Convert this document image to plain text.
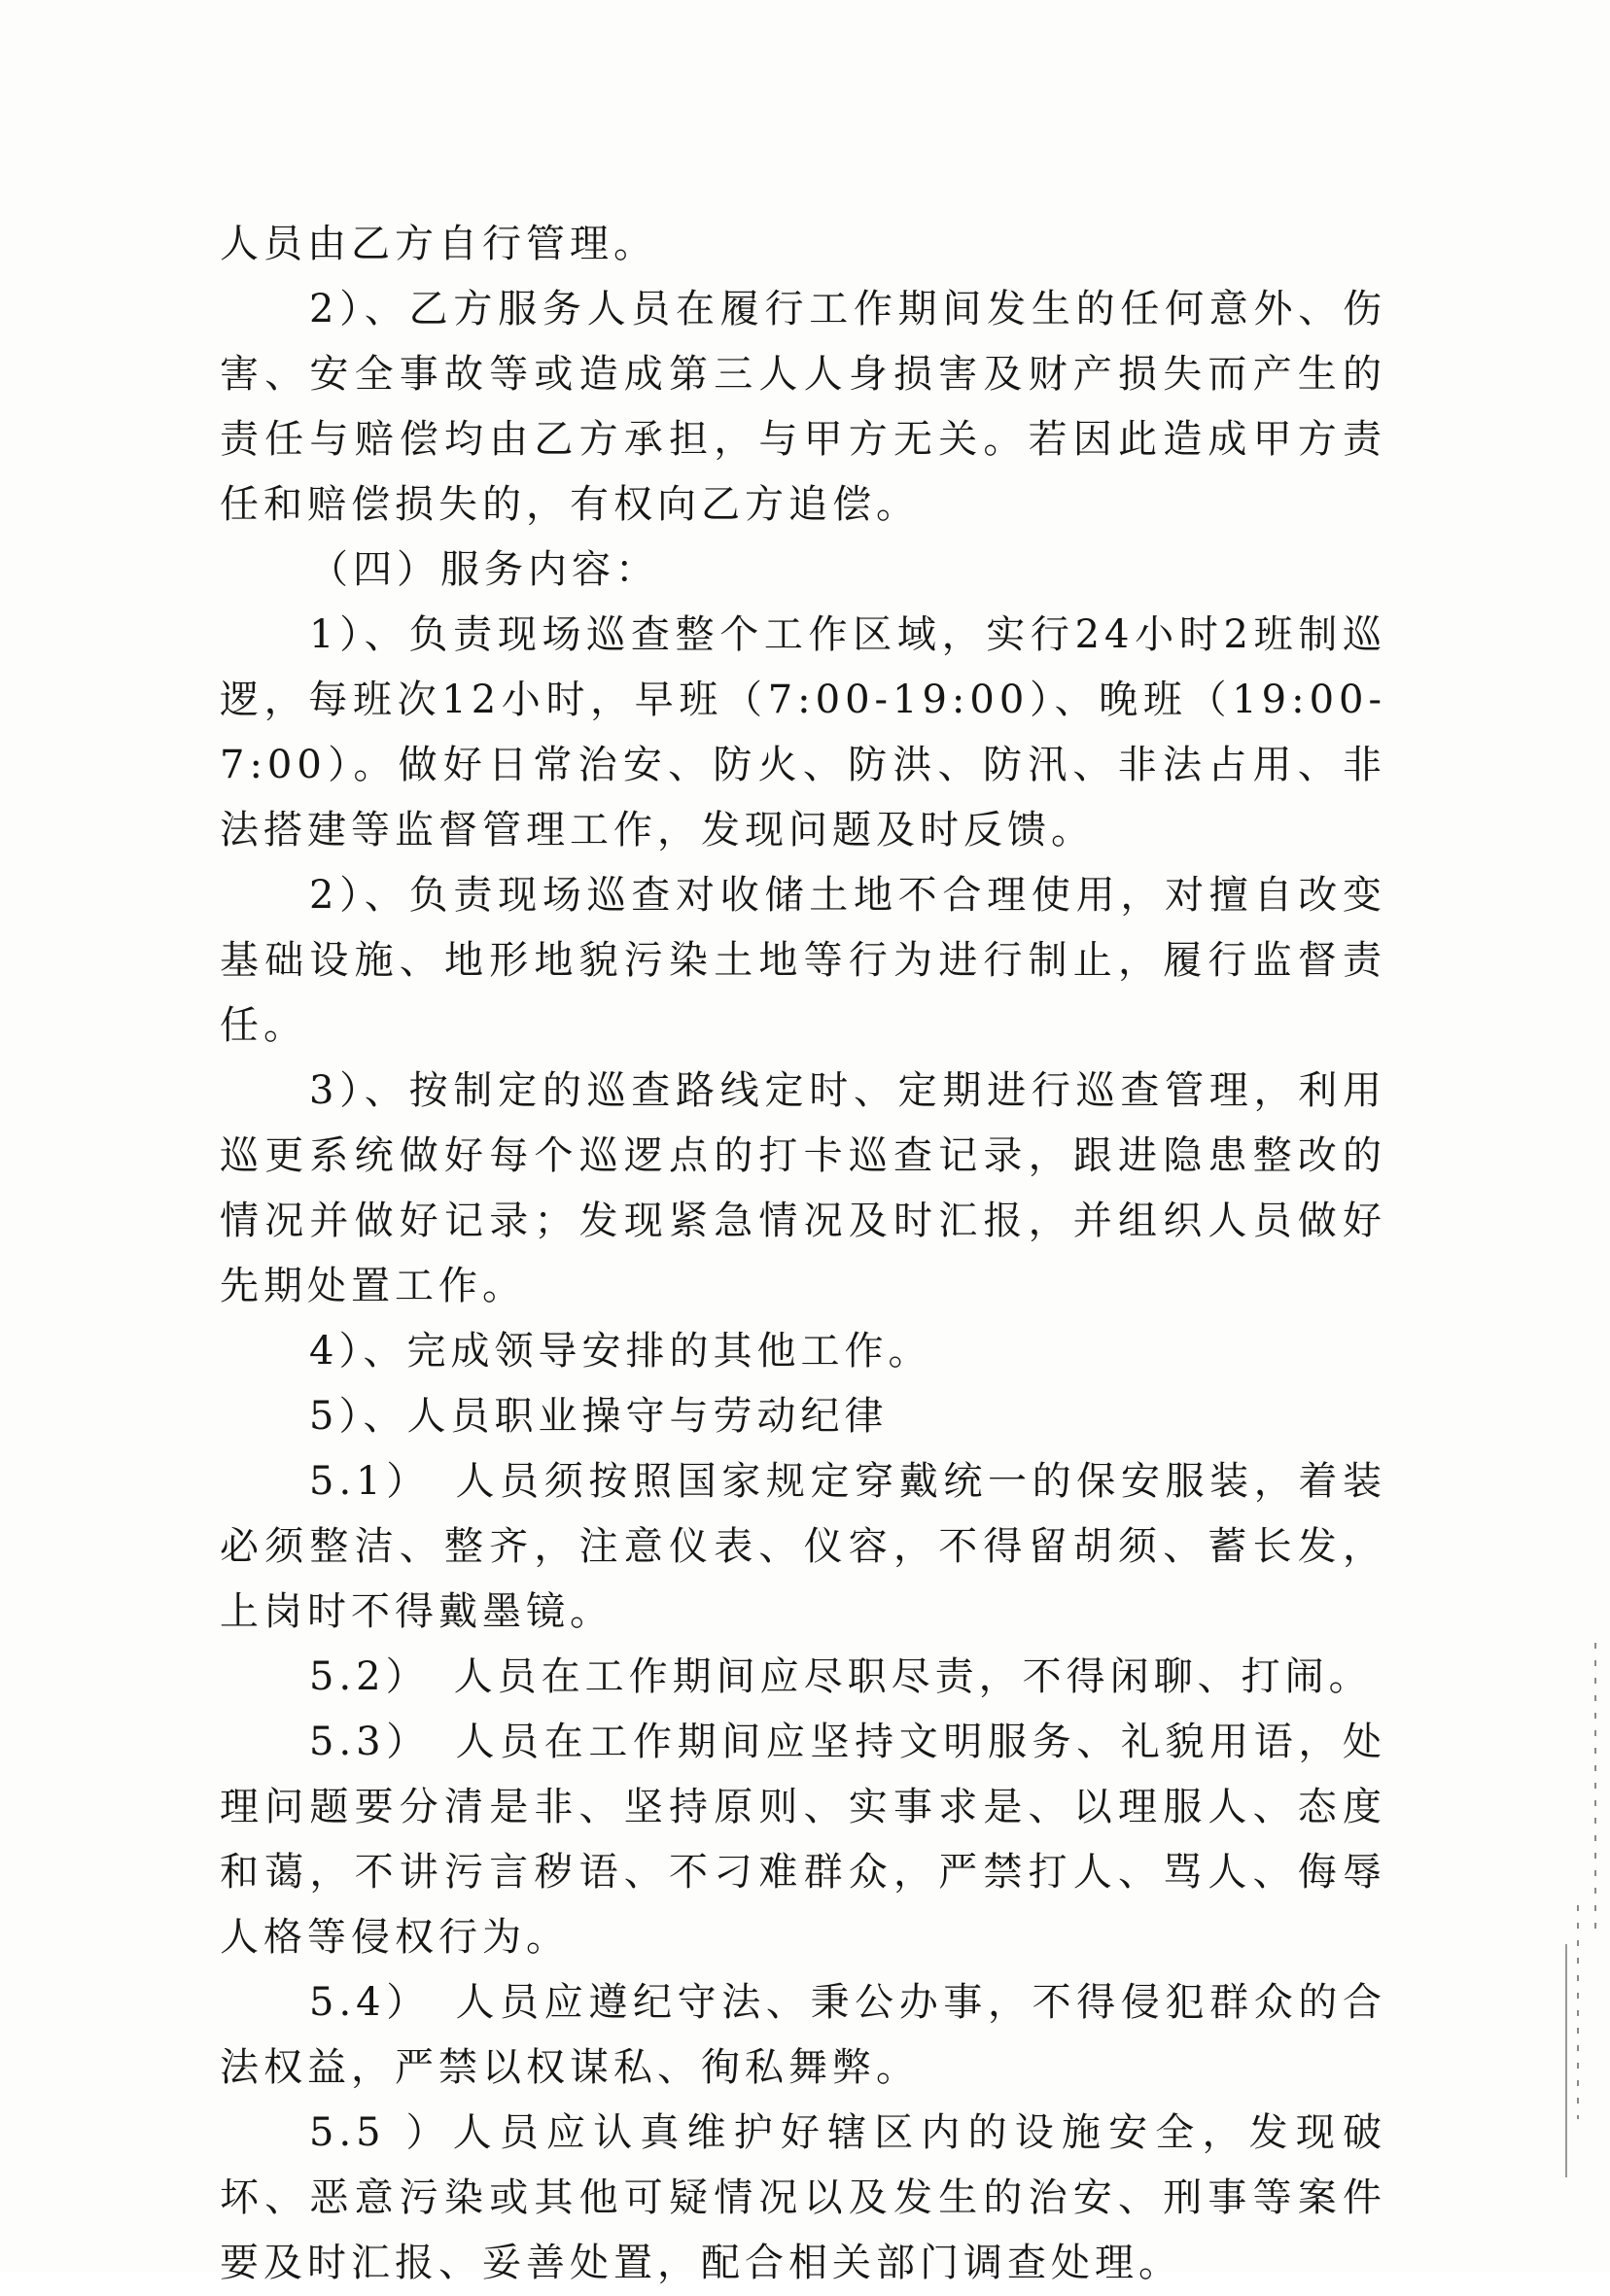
人员由乙方自行管理。

2）、乙方服务人员在履行工作期间发生的任何意外、伤害、安全事故等或造成第三人人身损害及财产损失而产生的责任与赔偿均由乙方承担，与甲方无关。若因此造成甲方责任和赔偿损失的，有权向乙方追偿。

（四）服务内容：

1）、负责现场巡查整个工作区域，实行24小时2班制巡逻，每班次12小时，早班（7:00-19:00）、晚班（19:00-7:00）。做好日常治安、防火、防洪、防汛、非法占用、非法搭建等监督管理工作，发现问题及时反馈。

2）、负责现场巡查对收储土地不合理使用，对擅自改变基础设施、地形地貌污染土地等行为进行制止，履行监督责任。

3）、按制定的巡查路线定时、定期进行巡查管理，利用巡更系统做好每个巡逻点的打卡巡查记录，跟进隐患整改的情况并做好记录；发现紧急情况及时汇报，并组织人员做好先期处置工作。

4）、完成领导安排的其他工作。

5）、人员职业操守与劳动纪律

5.1）　人员须按照国家规定穿戴统一的保安服装，着装必须整洁、整齐，注意仪表、仪容，不得留胡须、蓄长发，上岗时不得戴墨镜。

5.2）　人员在工作期间应尽职尽责，不得闲聊、打闹。

5.3）　人员在工作期间应坚持文明服务、礼貌用语，处理问题要分清是非、坚持原则、实事求是、以理服人、态度和蔼，不讲污言秽语、不刁难群众，严禁打人、骂人、侮辱人格等侵权行为。

5.4）　人员应遵纪守法、秉公办事，不得侵犯群众的合法权益，严禁以权谋私、徇私舞弊。

5.5 ）人员应认真维护好辖区内的设施安全，发现破坏、恶意污染或其他可疑情况以及发生的治安、刑事等案件要及时汇报、妥善处置，配合相关部门调查处理。
